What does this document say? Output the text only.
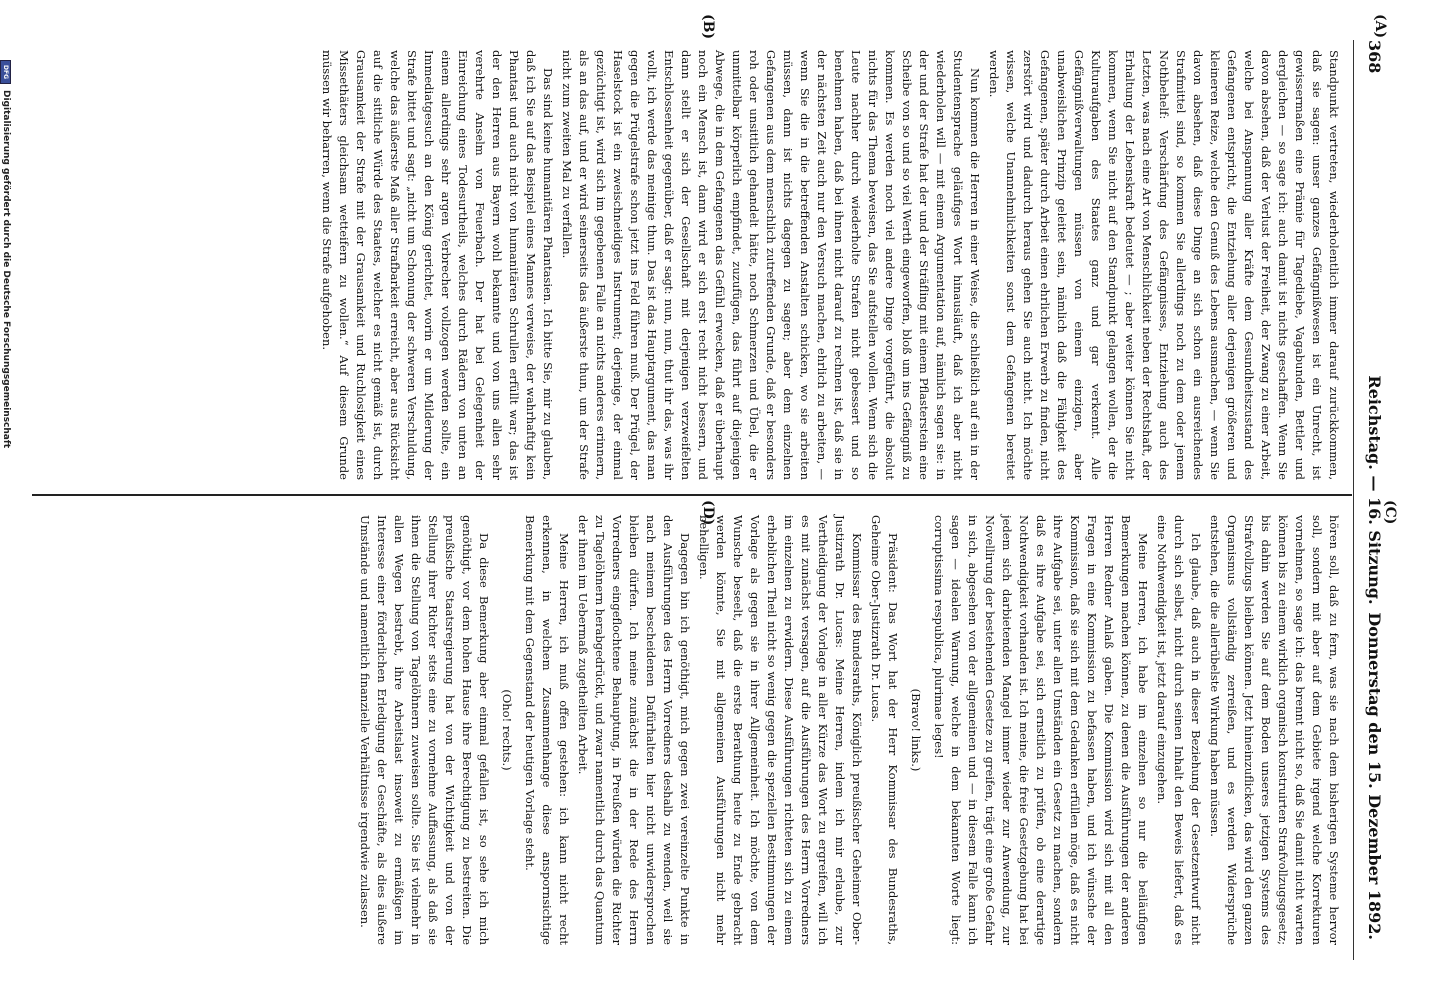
368
Reichstag. — 16. Sitzung.
Donnerstag den 15. Dezember 1892.
(A)
(C)
(B)
(D)

Standpunkt vertreten, wiederholentlich immer darauf zurückkommen, daß sie sagen: unser ganzes Gefängnißwesen ist ein Unrecht, ist gewissermaßen eine Prämie für Tagediebe, Vagabunden, Bettler und dergleichen — so sage ich: auch damit ist nichts geschaffen. Wenn Sie davon absehen, daß der Verlust der Freiheit, der Zwang zu einer Arbeit, welche bei Anspannung aller Kräfte dem Gesundheitszustand des Gefangenen entspricht, die Entziehung aller derjenigen größeren und kleineren Reize, welche den Genuß des Lebens ausmachen, — wenn Sie davon absehen, daß diese Dinge an sich schon ein ausreichendes Strafmittel sind, so kommen Sie allerdings noch zu dem oder jenem Nothbehelf: Verschärfung des Gefängnisses, Entziehung auch des Letzten, was nach eine Art von Menschlichkeit neben der Rechtshaft, der Erhaltung der Lebenskraft bedeutet — ; aber weiter können Sie nicht kommen, wenn Sie nicht auf den Standpunkt gelangen wollen, der die Kulturaufgaben des Staates ganz und gar verkennt. Alle Gefängnißverwaltungen müssen von einem einzigen, aber unabweislichen Prinzip geleitet sein, nämlich daß die Fähigkeit des Gefangenen, später durch Arbeit einen ehrlichen Erwerb zu finden, nicht zerstört wird und dadurch heraus gehen Sie auch nicht. Ich möchte wissen, welche Unannehmlichkeiten sonst dem Gefangenen bereitet werden.

Nun kommen die Herren in einer Weise, die schließlich auf ein in der Studentensprache geläufiges Wort hinausläuft, daß ich aber nicht wiederholen will — mit einem Argumentation auf, nämlich sagen sie: in der und der Strafe hat der und der Sträfling mit einem Pflasterstein eine Scheibe von so und so viel Werth eingeworfen, bloß um ins Gefängniß zu kommen. Es werden noch viel andere Dinge vorgeführt, die absolut nichts für das Thema beweisen, das Sie aufstellen wollen. Wenn sich die Leute nachher durch wiederholte Strafen nicht gebessert und so benehmen haben, daß bei ihnen nicht darauf zu rechnen ist, daß sie in der nächsten Zeit auch nur den Versuch machen, ehrlich zu arbeiten, — wenn Sie die in die betreffenden Anstalten schicken, wo sie arbeiten müssen, dann ist nichts dagegen zu sagen; aber dem einzelnen Gefangenen aus dem menschlich zutreffenden Grunde, daß er besonders roh oder unsittlich gehandelt hätte, noch Schmerzen und Übel, die er unmittelbar körperlich empfindet, zuzufügen, das führt auf diejenigen Abwege, die in dem Gefangenen das Gefühl erwecken, daß er überhaupt noch ein Mensch ist, dann wird er sich erst recht nicht bessern, und dann stellt er sich der Gesellschaft mit derjenigen verzweifelten Entschlossenheit gegenüber, daß er sagt: nun, nun, thut ihr das, was ihr wollt, ich werde das meinige thun. Das ist das Hauptargument, das man gegen die Prügelstrafe schon jetzt ins Feld führen muß. Der Prügel, der Haselstock ist ein zweischneidiges Instrument; derjenige, der einmal gezüchtigt ist, wird sich im gegebenen Falle an nichts anderes erinnern, als an das auf, und er wird seinerseits das äußerste thun, um der Strafe nicht zum zweiten Mal zu verfallen.

Das sind keine humanitären Phantasien. Ich bitte Sie, mir zu glauben, daß ich Sie auf das Beispiel eines Mannes verweise, der wahrhaftig kein Phantast und auch nicht von humanitären Schrullen erfüllt war; das ist der den Herren aus Bayern wohl bekannte und von uns allen sehr verehrte Anselm von Feuerbach. Der hat bei Gelegenheit der Einreichung eines Todesurtheils, welches durch Rädern von unten an einem allerdings sehr argen Verbrecher vollzogen werden sollte, ein Immediatgesuch an den König gerichtet, worin er um Milderung der Strafe bittet und sagt: „nicht um Schonung der schweren Verschuldung, welche das äußerste Maß aller Strafbarkeit erreicht, aber aus Rücksicht auf die sittliche Würde des Staates, welcher es nicht gemäß ist, durch Grausamkeit der Strafe mit der Grausamkeit und Ruchlosigkeit eines Missethäters gleichsam wetteifern zu wollen.“ Auf diesem Grunde müssen wir beharren, wenn die Strafe aufgehoben.

hören soll, daß zu fern, was sie nach dem bisherigen Systeme hervor soll, sondern mit aber auf dem Gebiete irgend welche Korrekturen vornehmen, so sage ich: das brennt nicht so, daß Sie damit nicht warten können bis zu einem wirklich organisch konstruirten Strafvollzugsgesetz; bis dahin werden Sie auf dem Boden unseres jetzigen Systems des Strafvollzugs bleiben können. Jetzt hineinzuflicken, das wird den ganzen Organismus vollständig zerreißen, und es werden Widersprüche entstehen, die die allerübelste Wirkung haben müssen.

Ich glaube, daß auch in dieser Beziehung der Gesetzentwurf nicht durch sich selbst, nicht durch seinen Inhalt den Beweis liefert, daß es eine Nothwendigkeit ist, jetzt darauf einzugehen.

Meine Herren, ich habe im einzelnen so nur die beiläufigen Bemerkungen machen können, zu denen die Ausführungen der anderen Herren Redner Anlaß gaben. Die Kommission wird sich mit all den Fragen in eine Kommission zu befassen haben, und ich wünsche der Kommission, daß sie sich mit dem Gedanken erfüllen möge, daß es nicht ihre Aufgabe sei, unter allen Umständen ein Gesetz zu machen, sondern daß es ihre Aufgabe sei, sich ernstlich zu prüfen, ob eine derartige Nothwendigkeit vorhanden ist. Ich meine, die freie Gesetzgebung hat bei jedem sich darbietenden Mangel immer wieder zur Anwendung, zur Novellirung der bestehenden Gesetze zu greifen, trägt eine große Gefahr in sich, abgesehen von der allgemeinen und — in diesem Falle kann ich sagen — idealen Warnung, welche in dem bekannten Worte liegt: corruptissima respublica, plurimae leges!

(Bravo! links.)

Präsident: Das Wort hat der Herr Kommissar des Bundesraths, Geheime Ober-Justizrath Dr. Lucas.

Kommissar des Bundesraths, Königlich preußischer Geheimer Ober-Justizrath Dr. Lucas: Meine Herren, indem ich mir erlaube, zur Vertheidigung der Vorlage in aller Kürze das Wort zu ergreifen, will ich es mit zunächst versagen, auf die Ausführungen des Herrn Vorredners im einzelnen zu erwidern. Diese Ausführungen richteten sich zu einem erheblichen Theil nicht so wenig gegen die speziellen Bestimmungen der Vorlage als gegen sie in ihrer Allgemeinheit. Ich möchte, von dem Wunsche beseelt, daß die erste Berathung heute zu Ende gebracht werden könnte, Sie mit allgemeinen Ausführungen nicht mehr behelligen.

Dagegen bin ich genöthigt, mich gegen zwei vereinzelte Punkte in den Ausführungen des Herrn Vorredners deshalb zu wenden, weil sie nach meinem bescheidenen Dafürhalten hier nicht unwidersprochen bleiben dürfen. Ich meine zunächst die in der Rede des Herrn Vorredners eingeflochtene Behauptung, in Preußen würden die Richter zu Tagelöhnern herabgedrückt, und zwar namentlich durch das Quantum der ihnen im Uebermaß zugetheilten Arbeit.

Meine Herren, ich muß offen gestehen: ich kann nicht recht erkennen, in welchem Zusammenhange diese anspornsichtige Bemerkung mit dem Gegenstand der heutigen Vorlage steht.

(Oho! rechts.)

Da diese Bemerkung aber einmal gefallen ist, so sehe ich mich genöthigt, vor dem hohen Hause ihre Berechtigung zu bestreiten. Die preußische Staatsregierung hat von der Wichtigkeit und von der Stellung ihrer Richter stets eine zu vornehme Auffassung, als daß sie ihnen die Stellung von Tagelöhnern zuweisen sollte. Sie ist vielmehr in allen Wegen bestrebt, ihre Arbeitslast insoweit zu ermäßigen im Interesse einer förderlichen Erledigung der Geschäfte, als dies äußere Umstände und namentlich finanzielle Verhältnisse irgendwie zulassen.

DFG
Digitalisierung gefördert durch die Deutsche Forschungsgemeinschaft
